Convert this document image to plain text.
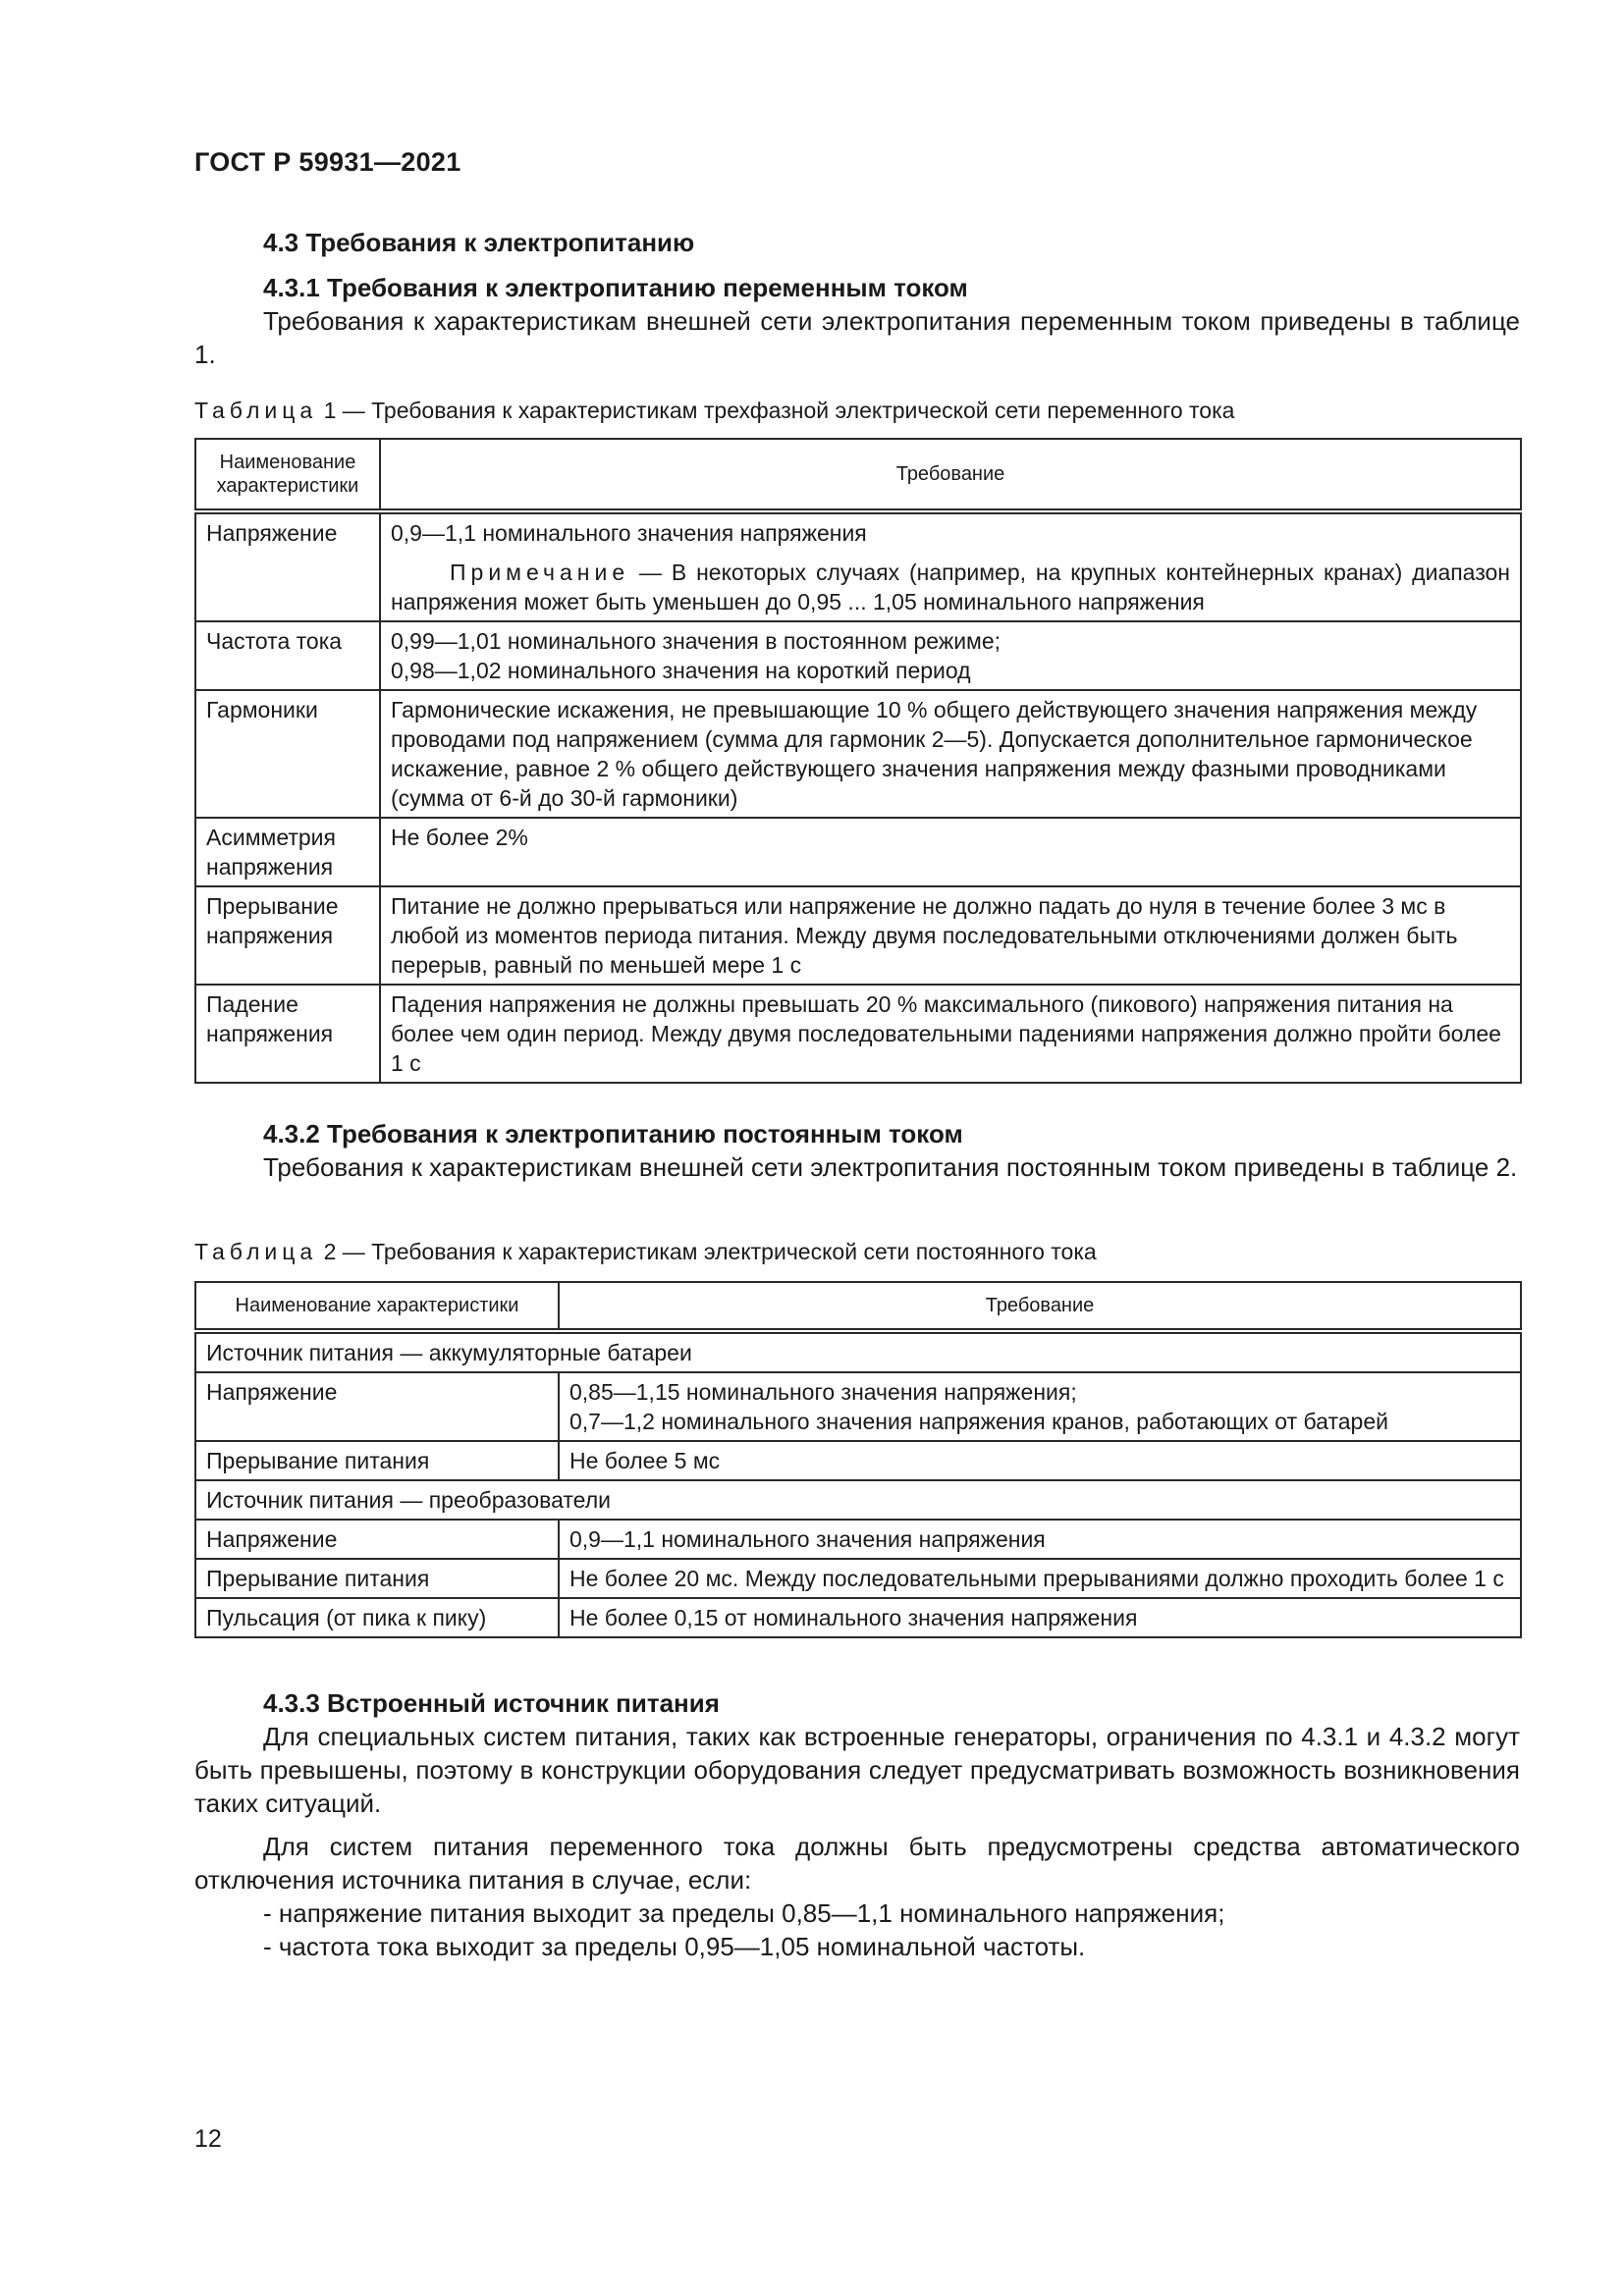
ГОСТ Р 59931—2021
4.3 Требования к электропитанию
4.3.1 Требования к электропитанию переменным током

Требования к характеристикам внешней сети электропитания переменным током приведены в таблице 1.

Таблица 1 — Требования к характеристикам трехфазной электрической сети переменного тока
Наименование характеристики	Требование
Напряжение	0,9—1,1 номинального значения напряжения
Примечание — В некоторых случаях (например, на крупных контейнерных кранах) диапазон напряжения может быть уменьшен до 0,95 ... 1,05 номинального напряжения

Частота тока	0,99—1,01 номинального значения в постоянном режиме;
0,98—1,02 номинального значения на короткий период

Гармоники	Гармонические искажения, не превышающие 10 % общего действующего значения напряжения между проводами под напряжением (сумма для гармоник 2—5). Допускается дополнительное гармоническое искажение, равное 2 % общего действующего значения напряжения между фазными проводниками (сумма от 6-й до 30-й гармоники)
Асимметрия напряжения	Не более 2%
Прерывание напряжения	Питание не должно прерываться или напряжение не должно падать до нуля в течение более 3 мс в любой из моментов периода питания. Между двумя последовательными отключениями должен быть перерыв, равный по меньшей мере 1 с
Падение напряжения	Падения напряжения не должны превышать 20 % максимального (пикового) напряжения питания на более чем один период. Между двумя последовательными падениями напряжения должно пройти более 1 с
4.3.2 Требования к электропитанию постоянным током

Требования к характеристикам внешней сети электропитания постоянным током приведены в таблице 2.

Таблица 2 — Требования к характеристикам электрической сети постоянного тока
Наименование характеристики	Требование
Источник питания — аккумуляторные батареи	
Напряжение	0,85—1,15 номинального значения напряжения;
0,7—1,2 номинального значения напряжения кранов, работающих от батарей

Прерывание питания	Не более 5 мс
Источник питания — преобразователи	
Напряжение	0,9—1,1 номинального значения напряжения
Прерывание питания	Не более 20 мс. Между последовательными прерываниями должно проходить более 1 с
Пульсация (от пика к пику)	Не более 0,15 от номинального значения напряжения
4.3.3 Встроенный источник питания

Для специальных систем питания, таких как встроенные генераторы, ограничения по 4.3.1 и 4.3.2 могут быть превышены, поэтому в конструкции оборудования следует предусматривать возможность возникновения таких ситуаций.

Для систем питания переменного тока должны быть предусмотрены средства автоматического отключения источника питания в случае, если:

- напряжение питания выходит за пределы 0,85—1,1 номинального напряжения;
- частота тока выходит за пределы 0,95—1,05 номинальной частоты.
12
